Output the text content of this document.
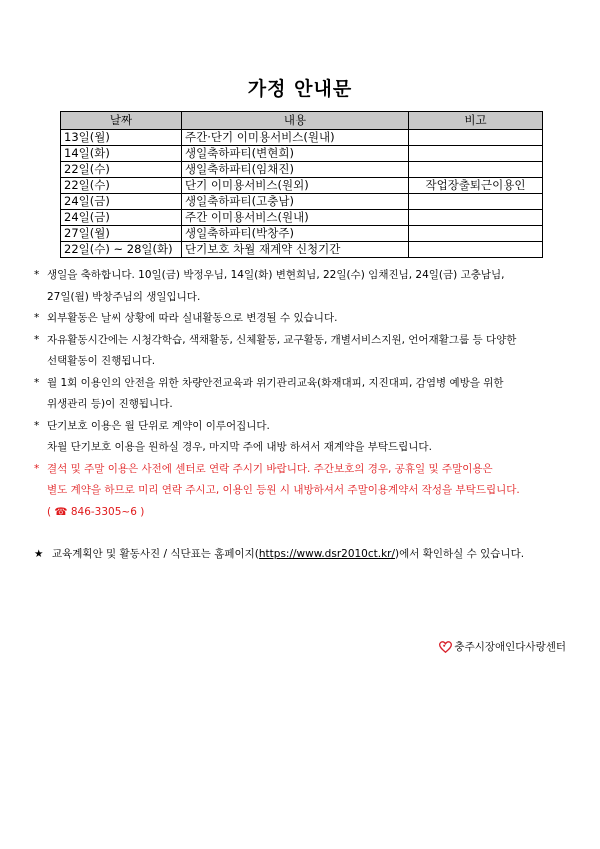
가정 안내문
날짜	내용	비고
13일(월)	주간·단기 이미용서비스(원내)	
14일(화)	생일축하파티(변현희)	
22일(수)	생일축하파티(임채진)	
22일(수)	단기 이미용서비스(원외)	작업장출퇴근이용인
24일(금)	생일축하파티(고충남)	
24일(금)	주간 이미용서비스(원내)	
27일(월)	생일축하파티(박창주)	
22일(수) ~ 28일(화)	단기보호 차월 재계약 신청기간	
* 생일을 축하합니다. 10일(금) 박정우님, 14일(화) 변현희님, 22일(수) 임채진님, 24일(금) 고충남님,
27일(월) 박창주님의 생일입니다.
* 외부활동은 날씨 상황에 따라 실내활동으로 변경될 수 있습니다.
* 자유활동시간에는 시청각학습, 색채활동, 신체활동, 교구활동, 개별서비스지원, 언어재활그룹 등 다양한
선택활동이 진행됩니다.
* 월 1회 이용인의 안전을 위한 차량안전교육과 위기관리교육(화재대피, 지진대피, 감염병 예방을 위한
위생관리 등)이 진행됩니다.
* 단기보호 이용은 월 단위로 계약이 이루어집니다.
차월 단기보호 이용을 원하실 경우, 마지막 주에 내방 하셔서 재계약을 부탁드립니다.
* 결석 및 주말 이용은 사전에 센터로 연락 주시기 바랍니다. 주간보호의 경우, 공휴일 및 주말이용은
별도 계약을 하므로 미리 연락 주시고, 이용인 등원 시 내방하셔서 주말이용계약서 작성을 부탁드립니다.
( ☎ 846-3305~6 )
★ 교육계획안 및 활동사진 / 식단표는 홈페이지(https://www.dsr2010ct.kr/)에서 확인하실 수 있습니다.
충주시장애인다사랑센터
